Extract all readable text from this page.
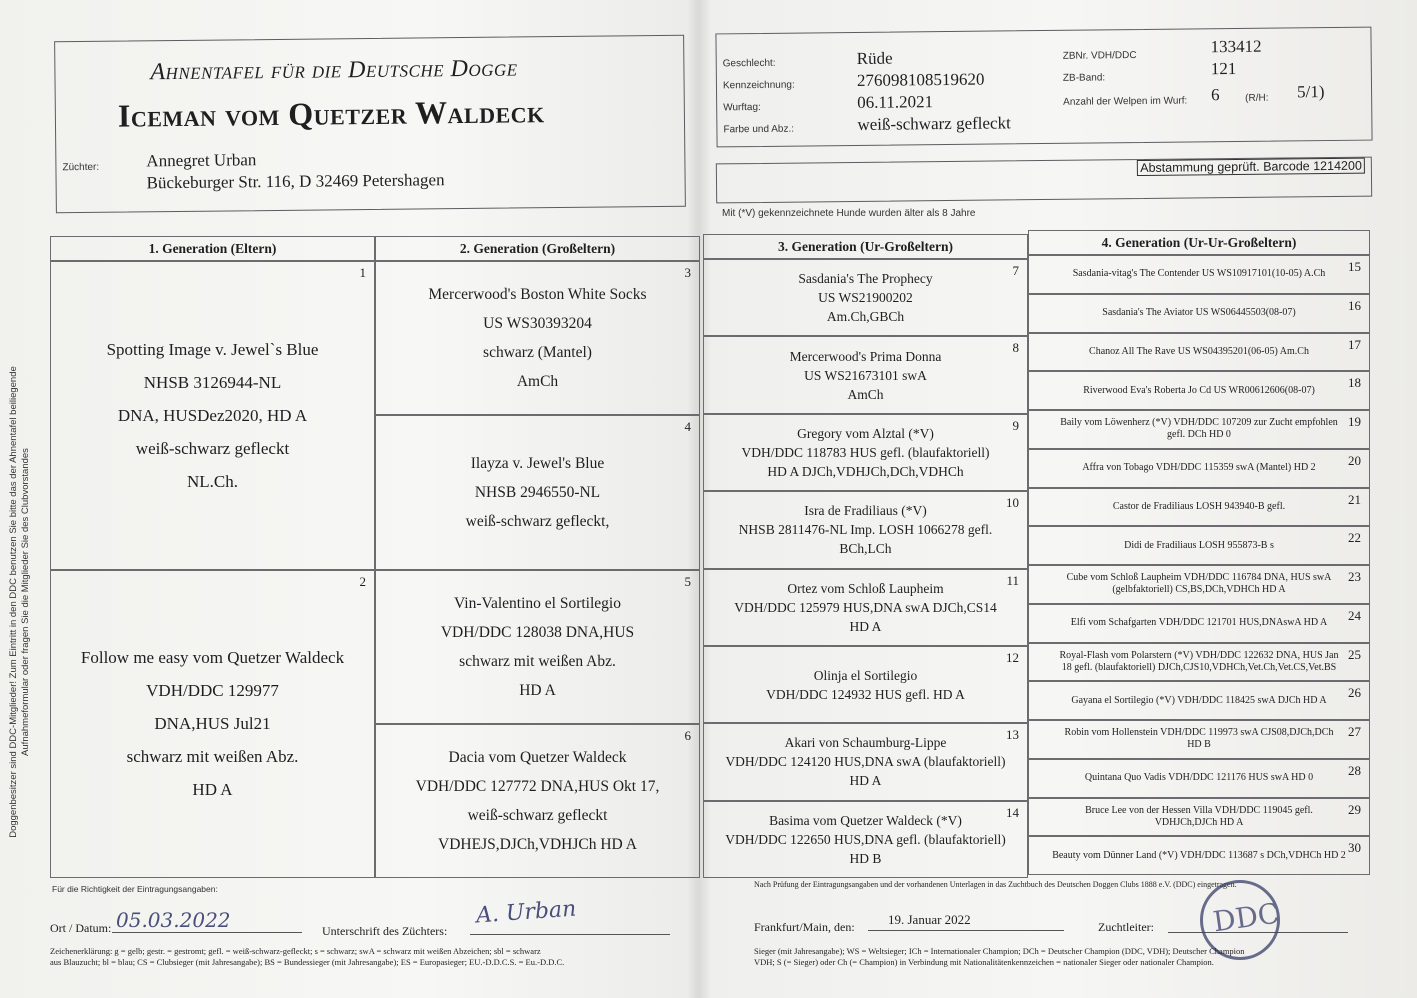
Doggenbesitzer sind DDC-Mitglieder! Zum Eintritt in den DDC benutzen Sie bitte das der Ahnentafel beiliegende Aufnahmeformular oder fragen Sie die Mitglieder Sie des Clubvorstandes
Ahnentafel für die Deutsche Dogge
Iceman vom Quetzer Waldeck
Züchter:	Annegret Urban
Bückeburger Str. 116, D 32469 Petershagen
Geschlecht:	Rüde
Kennzeichnung:	276098108519620
Wurftag:	06.11.2021
Farbe und Abz.:	weiß-schwarz gefleckt
ZBNr. VDH/DDC	133412
ZB-Band:	121
Anzahl der Welpen im Wurf: 6	(R/H: 5/1)
Abstammung geprüft. Barcode 1214200
Mit (*V) gekennzeichnete Hunde wurden älter als 8 Jahre
1. Generation (Eltern)	2. Generation (Großeltern)	3. Generation (Ur-Großeltern)	4. Generation (Ur-Ur-Großeltern)
1
Spotting Image v. Jewel`s Blue
NHSB 3126944-NL
DNA, HUSDez2020, HD A
weiß-schwarz gefleckt
NL.Ch.
2
Follow me easy vom Quetzer Waldeck
VDH/DDC 129977
DNA,HUS Jul21
schwarz mit weißen Abz.
HD A
3
Mercerwood's Boston White Socks
US WS30393204
schwarz (Mantel)
AmCh
4
Ilayza v. Jewel's Blue
NHSB 2946550-NL
weiß-schwarz gefleckt,
5
Vin-Valentino el Sortilegio
VDH/DDC 128038 DNA,HUS
schwarz mit weißen Abz.
HD A
6
Dacia vom Quetzer Waldeck
VDH/DDC 127772 DNA,HUS Okt 17,
weiß-schwarz gefleckt
VDHEJS,DJCh,VDHJCh HD A
7
Sasdania's The Prophecy
US WS21900202
Am.Ch,GBCh
8
Mercerwood's Prima Donna
US WS21673101 swA
AmCh
9
Gregory vom Alztal (*V)
VDH/DDC 118783 HUS gefl. (blaufaktoriell)
HD A DJCh,VDHJCh,DCh,VDHCh
10
Isra de Fradiliaus (*V)
NHSB 2811476-NL Imp. LOSH 1066278 gefl.
BCh,LCh
11
Ortez vom Schloß Laupheim
VDH/DDC 125979 HUS,DNA swA DJCh,CS14
HD A
12
Olinja el Sortilegio
VDH/DDC 124932 HUS gefl. HD A
13
Akari von Schaumburg-Lippe
VDH/DDC 124120 HUS,DNA swA (blaufaktoriell)
HD A
14
Basima vom Quetzer Waldeck (*V)
VDH/DDC 122650 HUS,DNA gefl. (blaufaktoriell)
HD B
15
Sasdania-vitag's The Contender US WS10917101(10-05) A.Ch
16
Sasdania's The Aviator US WS06445503(08-07)
17
Chanoz All The Rave US WS04395201(06-05) Am.Ch
18
Riverwood Eva's Roberta Jo Cd US WR00612606(08-07)
19
Baily vom Löwenherz (*V) VDH/DDC 107209 zur Zucht empfohlen
gefl. DCh HD 0
20
Affra von Tobago VDH/DDC 115359 swA (Mantel) HD 2
21
Castor de Fradiliaus LOSH 943940-B gefl.
22
Didi de Fradiliaus LOSH 955873-B s
23
Cube vom Schloß Laupheim VDH/DDC 116784 DNA, HUS swA
(gelbfaktoriell) CS,BS,DCh,VDHCh HD A
24
Elfi vom Schafgarten VDH/DDC 121701 HUS,DNAswA HD A
25
Royal-Flash vom Polarstern (*V) VDH/DDC 122632 DNA, HUS Jan
18 gefl. (blaufaktoriell) DJCh,CJS10,VDHCh,Vet.Ch,Vet.CS,Vet.BS
26
Gayana el Sortilegio (*V) VDH/DDC 118425 swA DJCh HD A
27
Robin vom Hollenstein VDH/DDC 119973 swA CJS08,DJCh,DCh
HD B
28
Quintana Quo Vadis VDH/DDC 121176 HUS swA HD 0
29
Bruce Lee von der Hessen Villa VDH/DDC 119045 gefl.
VDHJCh,DJCh HD A
30
Beauty vom Dünner Land (*V) VDH/DDC 113687 s DCh,VDHCh HD 2
Für die Richtigkeit der Eintragungsangaben:
Ort / Datum: 05.03.2022	Unterschrift des Züchters:
A. Urban
Zeichenerklärung: g = gelb; gestr. = gestromt; gefl. = weiß-schwarz-gefleckt; s = schwarz; swA = schwarz mit weißen Abzeichen; sbl = schwarz
aus Blauzucht; bl = blau; CS = Clubsieger (mit Jahresangabe); BS = Bundessieger (mit Jahresangabe); ES = Europasieger; EU.-D.D.C.S. = Eu.-D.D.C.
Nach Prüfung der Eintragungsangaben und der vorhandenen Unterlagen in das Zuchtbuch des Deutschen Doggen Clubs 1888 e.V. (DDC) eingetragen.
Frankfurt/Main, den:	19. Januar 2022	Zuchtleiter: DDC
Sieger (mit Jahresangabe); WS = Weltsieger; ICh = Internationaler Champion; DCh = Deutscher Champion (DDC, VDH); Deutscher Champion
VDH; S (= Sieger) oder Ch (= Champion) in Verbindung mit Nationalitätenkennzeichen = nationaler Sieger oder nationaler Champion.
